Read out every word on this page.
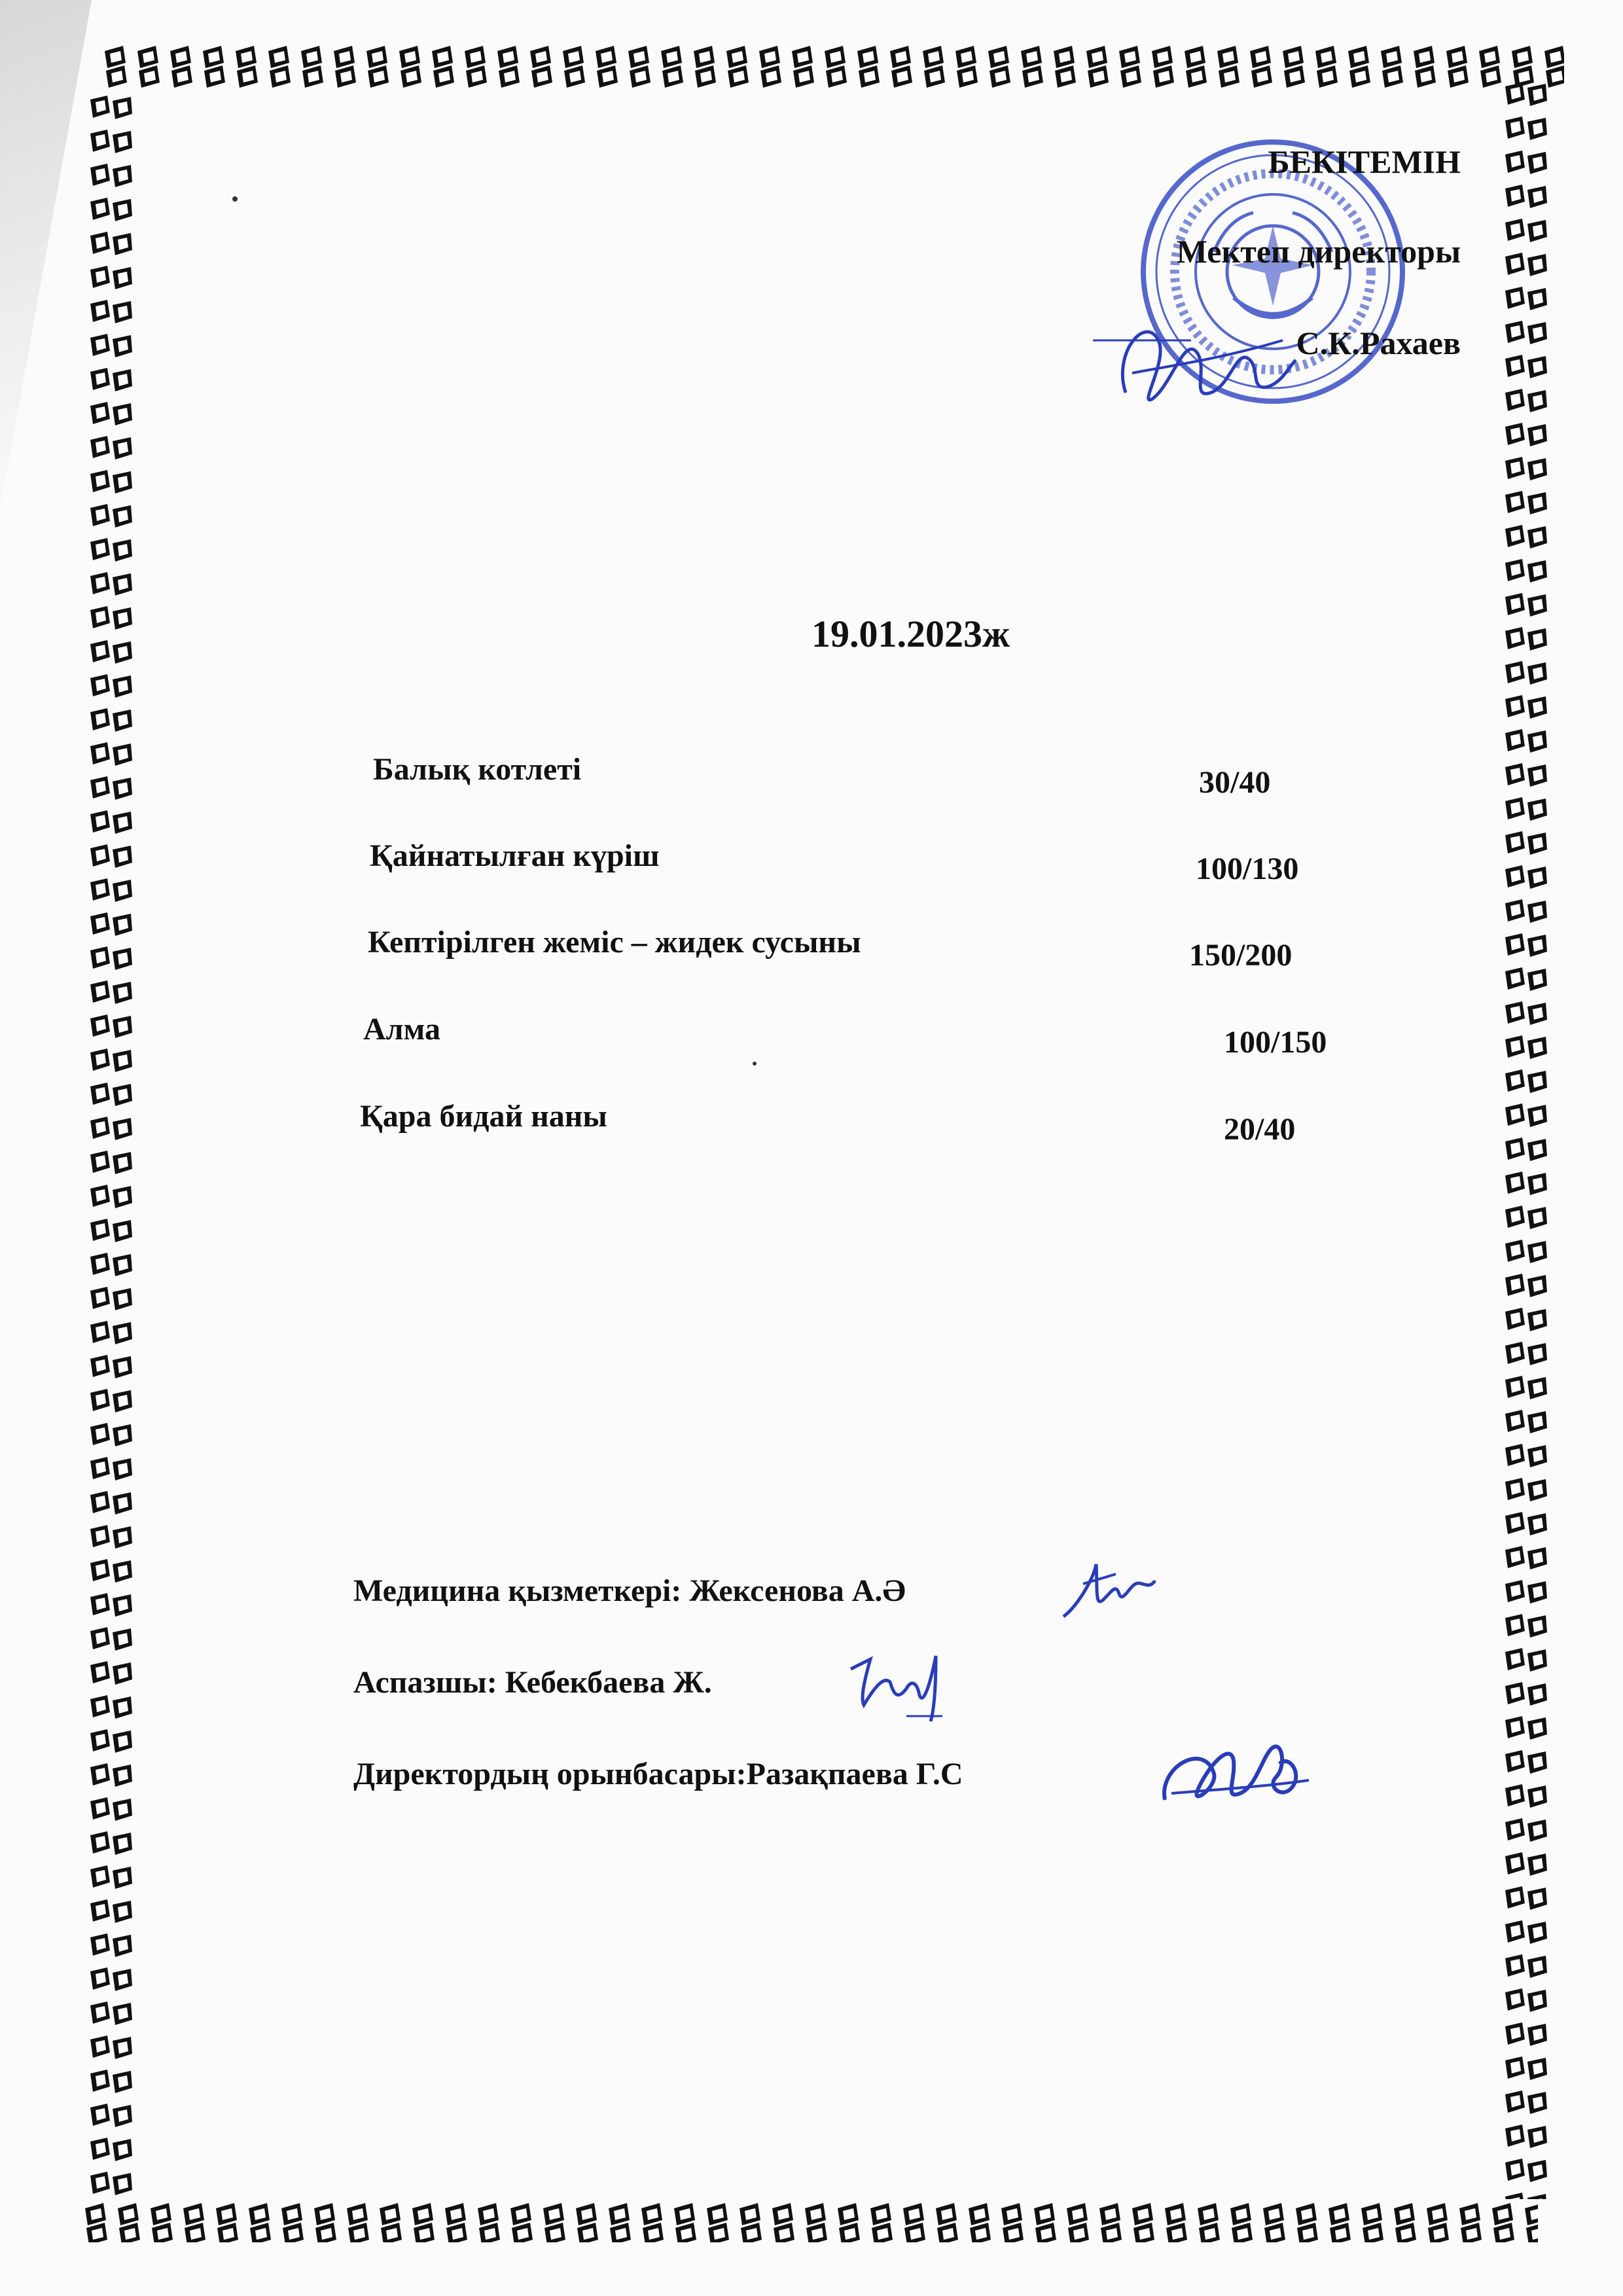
БЕКІТЕМІН
Мектеп директоры
С.К.Рахаев
19.01.2023ж
Балық котлеті	30/40
Қайнатылған күріш	100/130
Кептірілген жеміс – жидек сусыны	150/200
Алма	100/150
Қара бидай наны	20/40
Медицина қызметкері: Жексенова А.Ә
Аспазшы: Кебекбаева Ж.
Директордың орынбасары:Разақпаева Г.С
